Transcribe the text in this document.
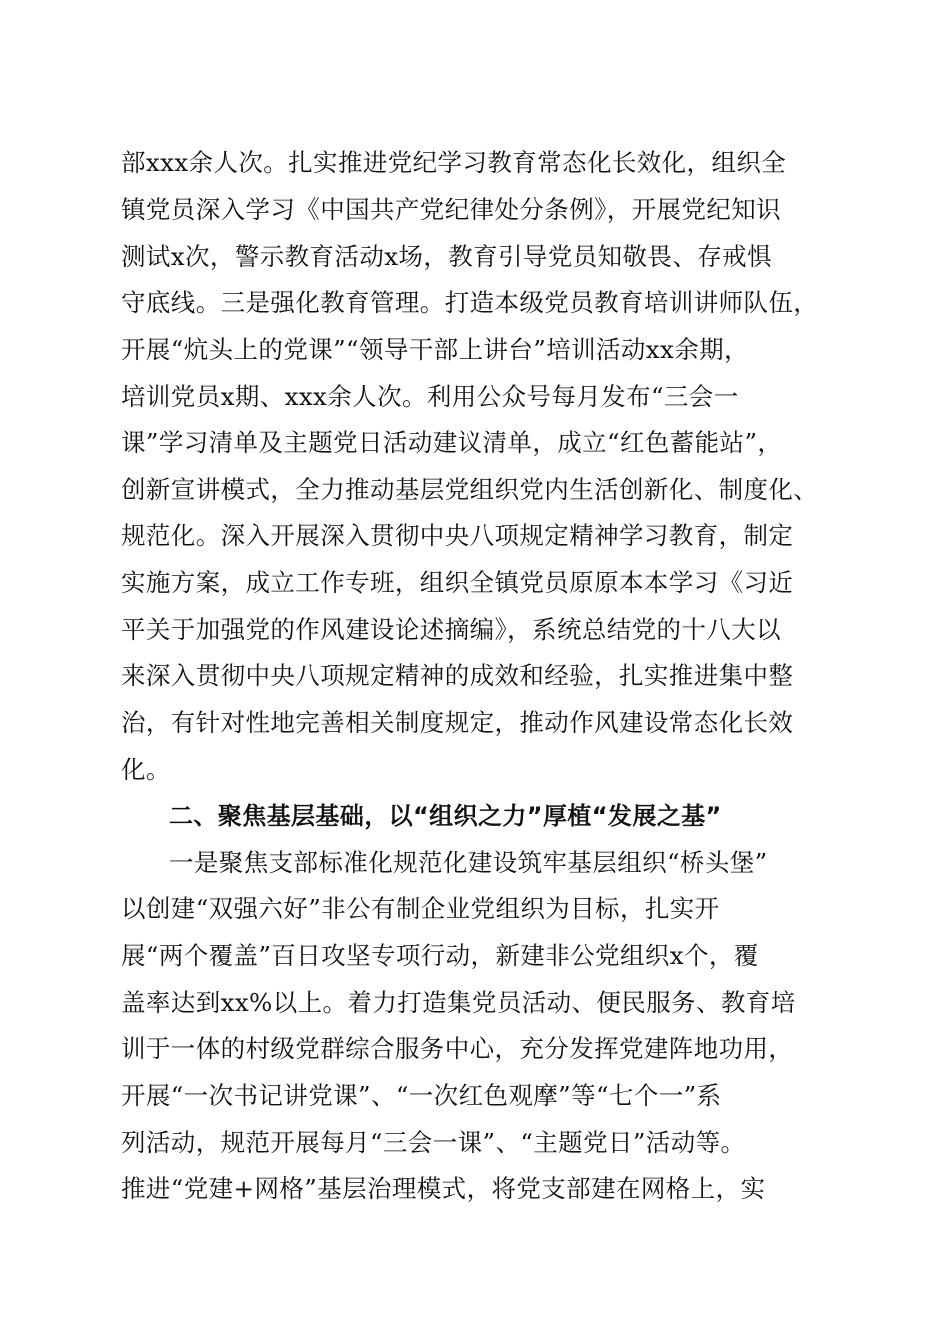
部xxx余人次。扎实推进党纪学习教育常态化长效化，组织全
镇党员深入学习《中国共产党纪律处分条例》，开展党纪知识
测试x次，警示教育活动x场，教育引导党员知敬畏、存戒惧
守底线。三是强化教育管理。打造本级党员教育培训讲师队伍，
开展“炕头上的党课”“领导干部上讲台”培训活动xx余期，
培训党员x期、xxx余人次。利用公众号每月发布“三会一
课”学习清单及主题党日活动建议清单，成立“红色蓄能站”，
创新宣讲模式，全力推动基层党组织党内生活创新化、制度化、
规范化。深入开展深入贯彻中央八项规定精神学习教育，制定
实施方案，成立工作专班，组织全镇党员原原本本学习《习近
平关于加强党的作风建设论述摘编》，系统总结党的十八大以
来深入贯彻中央八项规定精神的成效和经验，扎实推进集中整
治，有针对性地完善相关制度规定，推动作风建设常态化长效
化。
二、聚焦基层基础，以“组织之力”厚植“发展之基”
一是聚焦支部标准化规范化建设筑牢基层组织“桥头堡”
以创建“双强六好”非公有制企业党组织为目标，扎实开
展“两个覆盖”百日攻坚专项行动，新建非公党组织x个，覆
盖率达到xx%以上。着力打造集党员活动、便民服务、教育培
训于一体的村级党群综合服务中心，充分发挥党建阵地功用，
开展“一次书记讲党课”、“一次红色观摩”等“七个一”系
列活动，规范开展每月“三会一课”、“主题党日”活动等。
推进“党建+网格”基层治理模式，将党支部建在网格上，实
